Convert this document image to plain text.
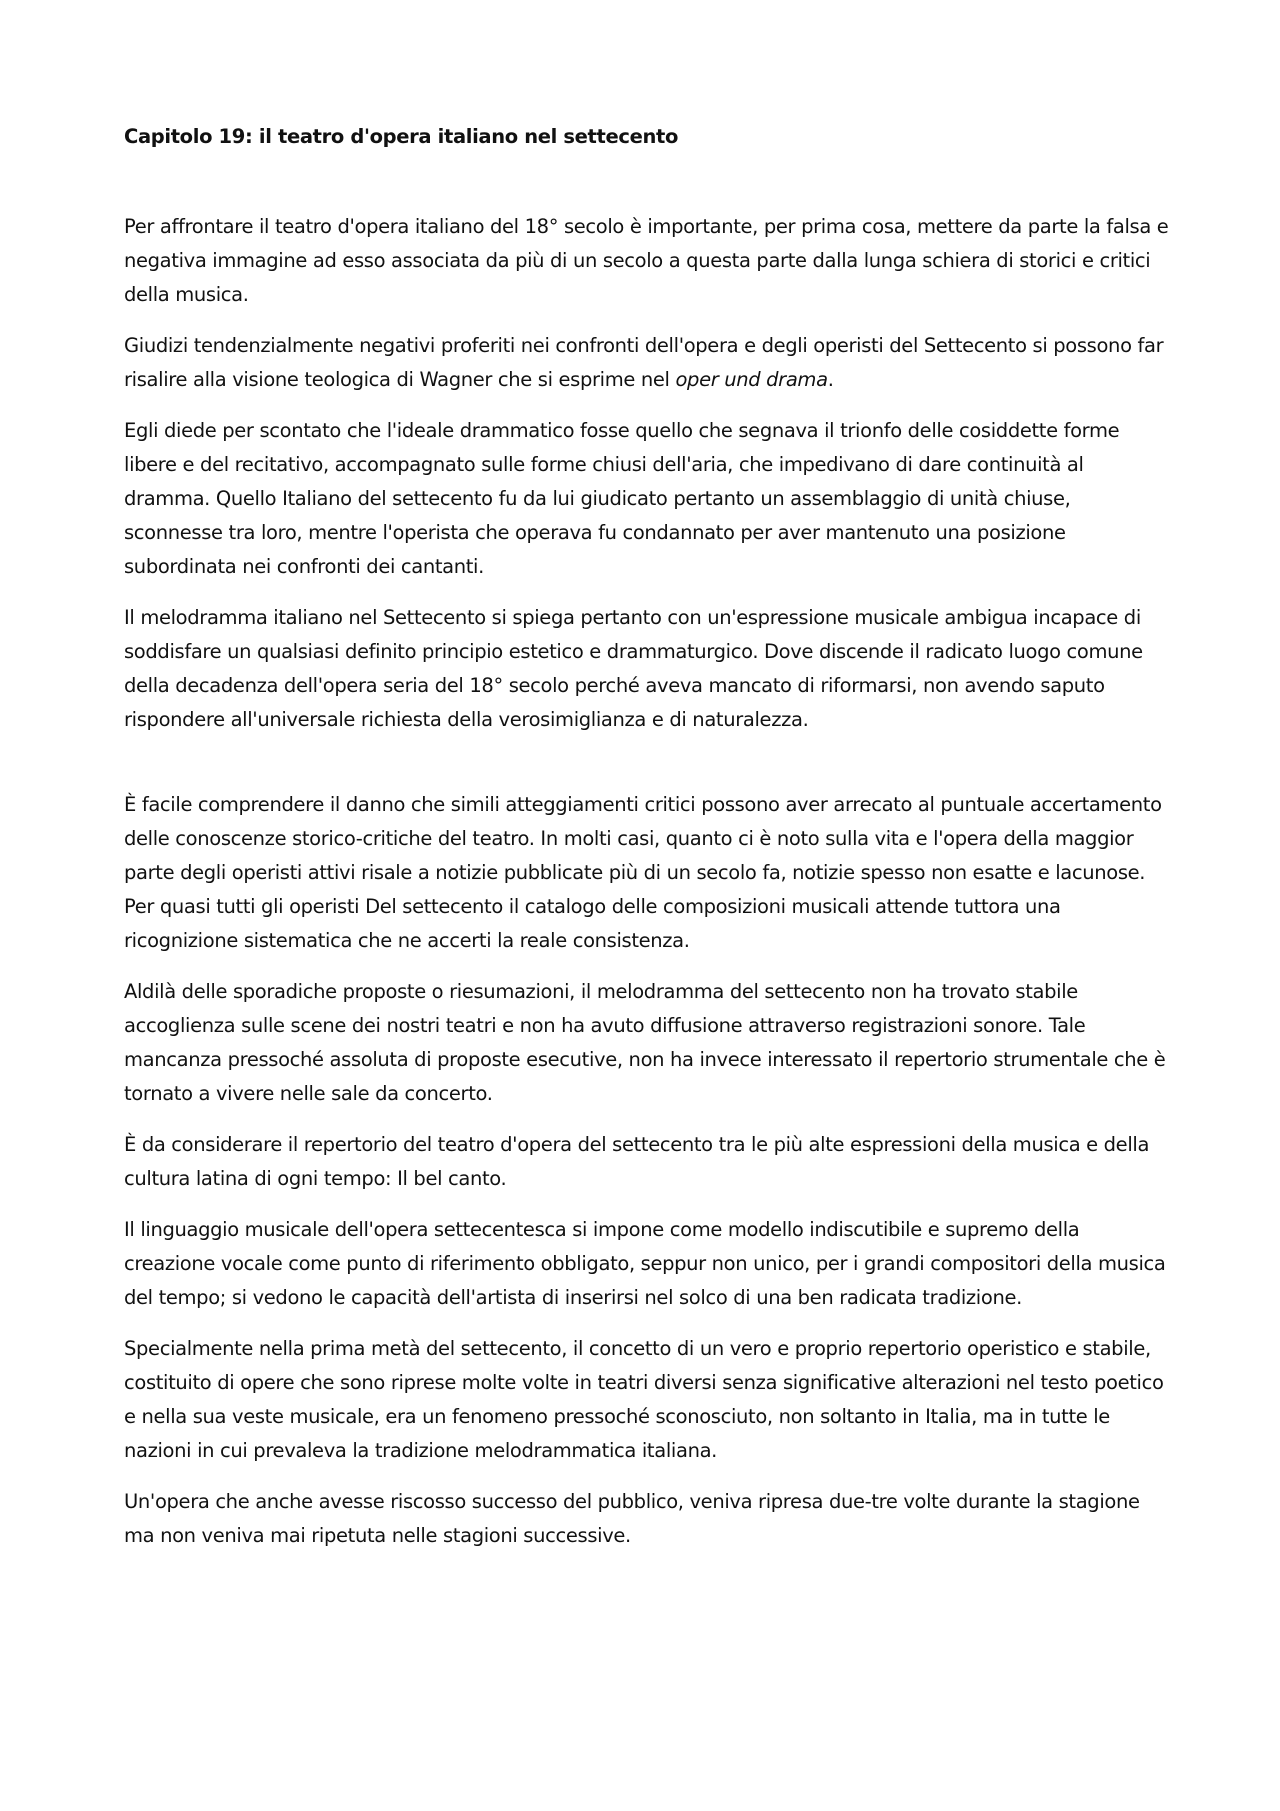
Capitolo 19: il teatro d'opera italiano nel settecento

Per affrontare il teatro d'opera italiano del 18° secolo è importante, per prima cosa, mettere da parte la falsa e negativa immagine ad esso associata da più di un secolo a questa parte dalla lunga schiera di storici e critici della musica.

Giudizi tendenzialmente negativi proferiti nei confronti dell'opera e degli operisti del Settecento si possono far risalire alla visione teologica di Wagner che si esprime nel oper und drama.

Egli diede per scontato che l'ideale drammatico fosse quello che segnava il trionfo delle cosiddette forme libere e del recitativo, accompagnato sulle forme chiusi dell'aria, che impedivano di dare continuità al dramma. Quello Italiano del settecento fu da lui giudicato pertanto un assemblaggio di unità chiuse, sconnesse tra loro, mentre l'operista che operava fu condannato per aver mantenuto una posizione subordinata nei confronti dei cantanti.

Il melodramma italiano nel Settecento si spiega pertanto con un'espressione musicale ambigua incapace di soddisfare un qualsiasi definito principio estetico e drammaturgico. Dove discende il radicato luogo comune della decadenza dell'opera seria del 18° secolo perché aveva mancato di riformarsi, non avendo saputo rispondere all'universale richiesta della verosimiglianza e di naturalezza.

È facile comprendere il danno che simili atteggiamenti critici possono aver arrecato al puntuale accertamento delle conoscenze storico-critiche del teatro. In molti casi, quanto ci è noto sulla vita e l'opera della maggior parte degli operisti attivi risale a notizie pubblicate più di un secolo fa, notizie spesso non esatte e lacunose. Per quasi tutti gli operisti Del settecento il catalogo delle composizioni musicali attende tuttora una ricognizione sistematica che ne accerti la reale consistenza.

Aldilà delle sporadiche proposte o riesumazioni, il melodramma del settecento non ha trovato stabile accoglienza sulle scene dei nostri teatri e non ha avuto diffusione attraverso registrazioni sonore. Tale mancanza pressoché assoluta di proposte esecutive, non ha invece interessato il repertorio strumentale che è tornato a vivere nelle sale da concerto.

È da considerare il repertorio del teatro d'opera del settecento tra le più alte espressioni della musica e della cultura latina di ogni tempo: Il bel canto.

Il linguaggio musicale dell'opera settecentesca si impone come modello indiscutibile e supremo della creazione vocale come punto di riferimento obbligato, seppur non unico, per i grandi compositori della musica del tempo; si vedono le capacità dell'artista di inserirsi nel solco di una ben radicata tradizione.

Specialmente nella prima metà del settecento, il concetto di un vero e proprio repertorio operistico e stabile, costituito di opere che sono riprese molte volte in teatri diversi senza significative alterazioni nel testo poetico e nella sua veste musicale, era un fenomeno pressoché sconosciuto, non soltanto in Italia, ma in tutte le nazioni in cui prevaleva la tradizione melodrammatica italiana.

Un'opera che anche avesse riscosso successo del pubblico, veniva ripresa due-tre volte durante la stagione ma non veniva mai ripetuta nelle stagioni successive.
